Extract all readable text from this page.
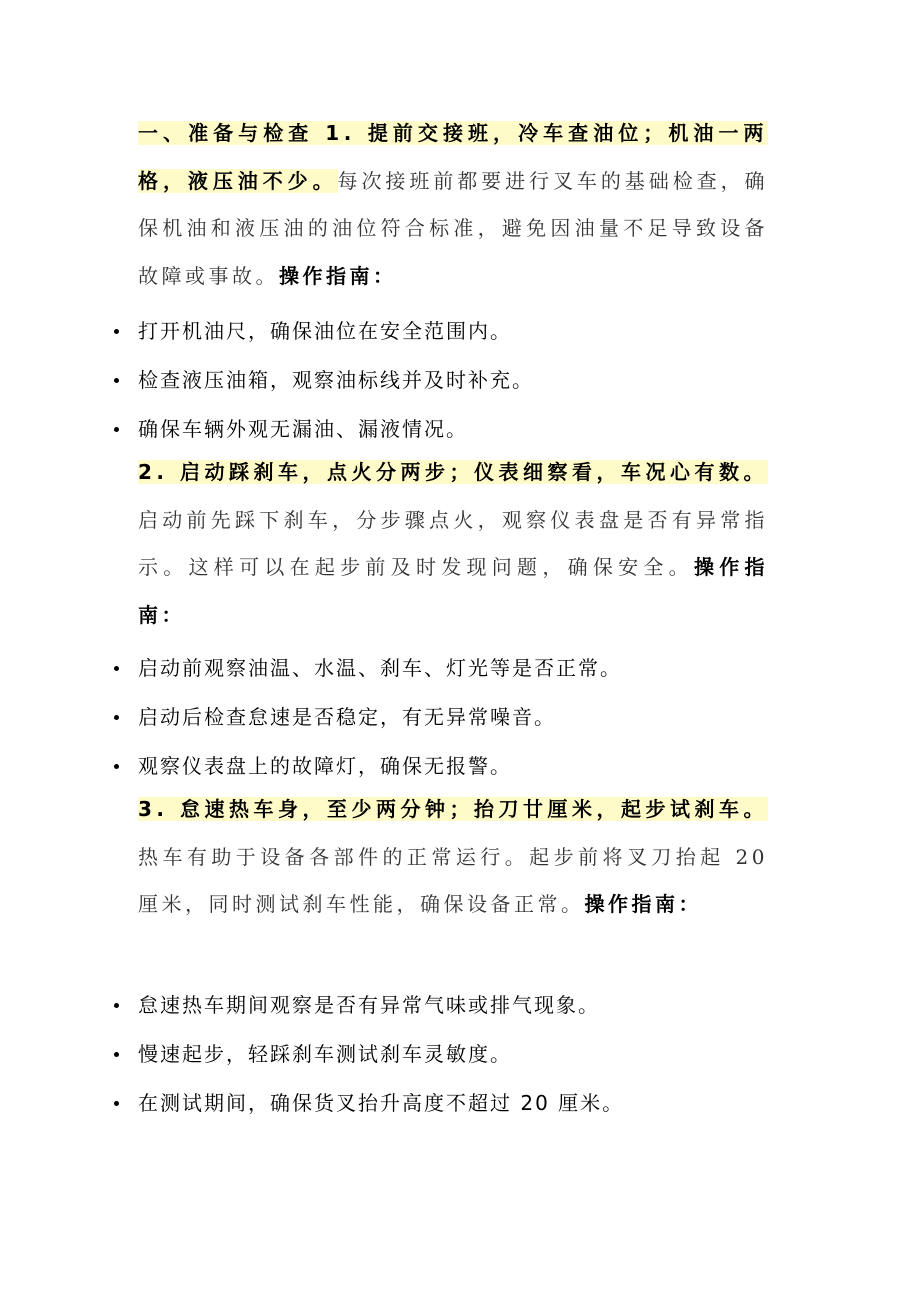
一、准备与检查 1. 提前交接班，冷车查油位；机油一两格，液压油不少。每次接班前都要进行叉车的基础检查，确保机油和液压油的油位符合标准，避免因油量不足导致设备故障或事故。操作指南：
打开机油尺，确保油位在安全范围内。
检查液压油箱，观察油标线并及时补充。
确保车辆外观无漏油、漏液情况。
2. 启动踩刹车，点火分两步；仪表细察看，车况心有数。启动前先踩下刹车，分步骤点火，观察仪表盘是否有异常指示。这样可以在起步前及时发现问题，确保安全。操作指南：
启动前观察油温、水温、刹车、灯光等是否正常。
启动后检查怠速是否稳定，有无异常噪音。
观察仪表盘上的故障灯，确保无报警。
3. 怠速热车身，至少两分钟；抬刀廿厘米，起步试刹车。热车有助于设备各部件的正常运行。起步前将叉刀抬起 20 厘米，同时测试刹车性能，确保设备正常。操作指南：
怠速热车期间观察是否有异常气味或排气现象。
慢速起步，轻踩刹车测试刹车灵敏度。
在测试期间，确保货叉抬升高度不超过 20 厘米。
